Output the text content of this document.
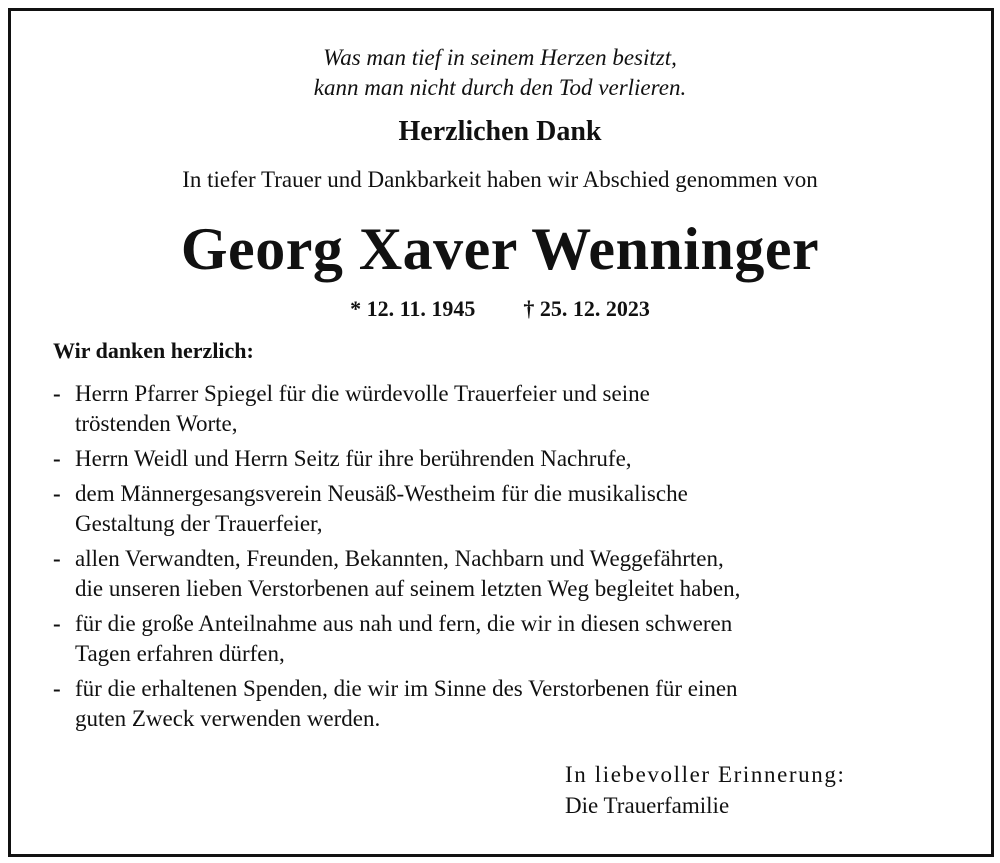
Was man tief in seinem Herzen besitzt,
kann man nicht durch den Tod verlieren.
Herzlichen Dank
In tiefer Trauer und Dankbarkeit haben wir Abschied genommen von
Georg Xaver Wenninger
* 12. 11. 1945 † 25. 12. 2023
Wir danken herzlich:
- Herrn Pfarrer Spiegel für die würdevolle Trauerfeier und seine
tröstenden Worte,
- Herrn Weidl und Herrn Seitz für ihre berührenden Nachrufe,
- dem Männergesangsverein Neusäß-Westheim für die musikalische
Gestaltung der Trauerfeier,
- allen Verwandten, Freunden, Bekannten, Nachbarn und Weggefährten,
die unseren lieben Verstorbenen auf seinem letzten Weg begleitet haben,
- für die große Anteilnahme aus nah und fern, die wir in diesen schweren
Tagen erfahren dürfen,
- für die erhaltenen Spenden, die wir im Sinne des Verstorbenen für einen
guten Zweck verwenden werden.
In liebevoller Erinnerung:
Die Trauerfamilie
